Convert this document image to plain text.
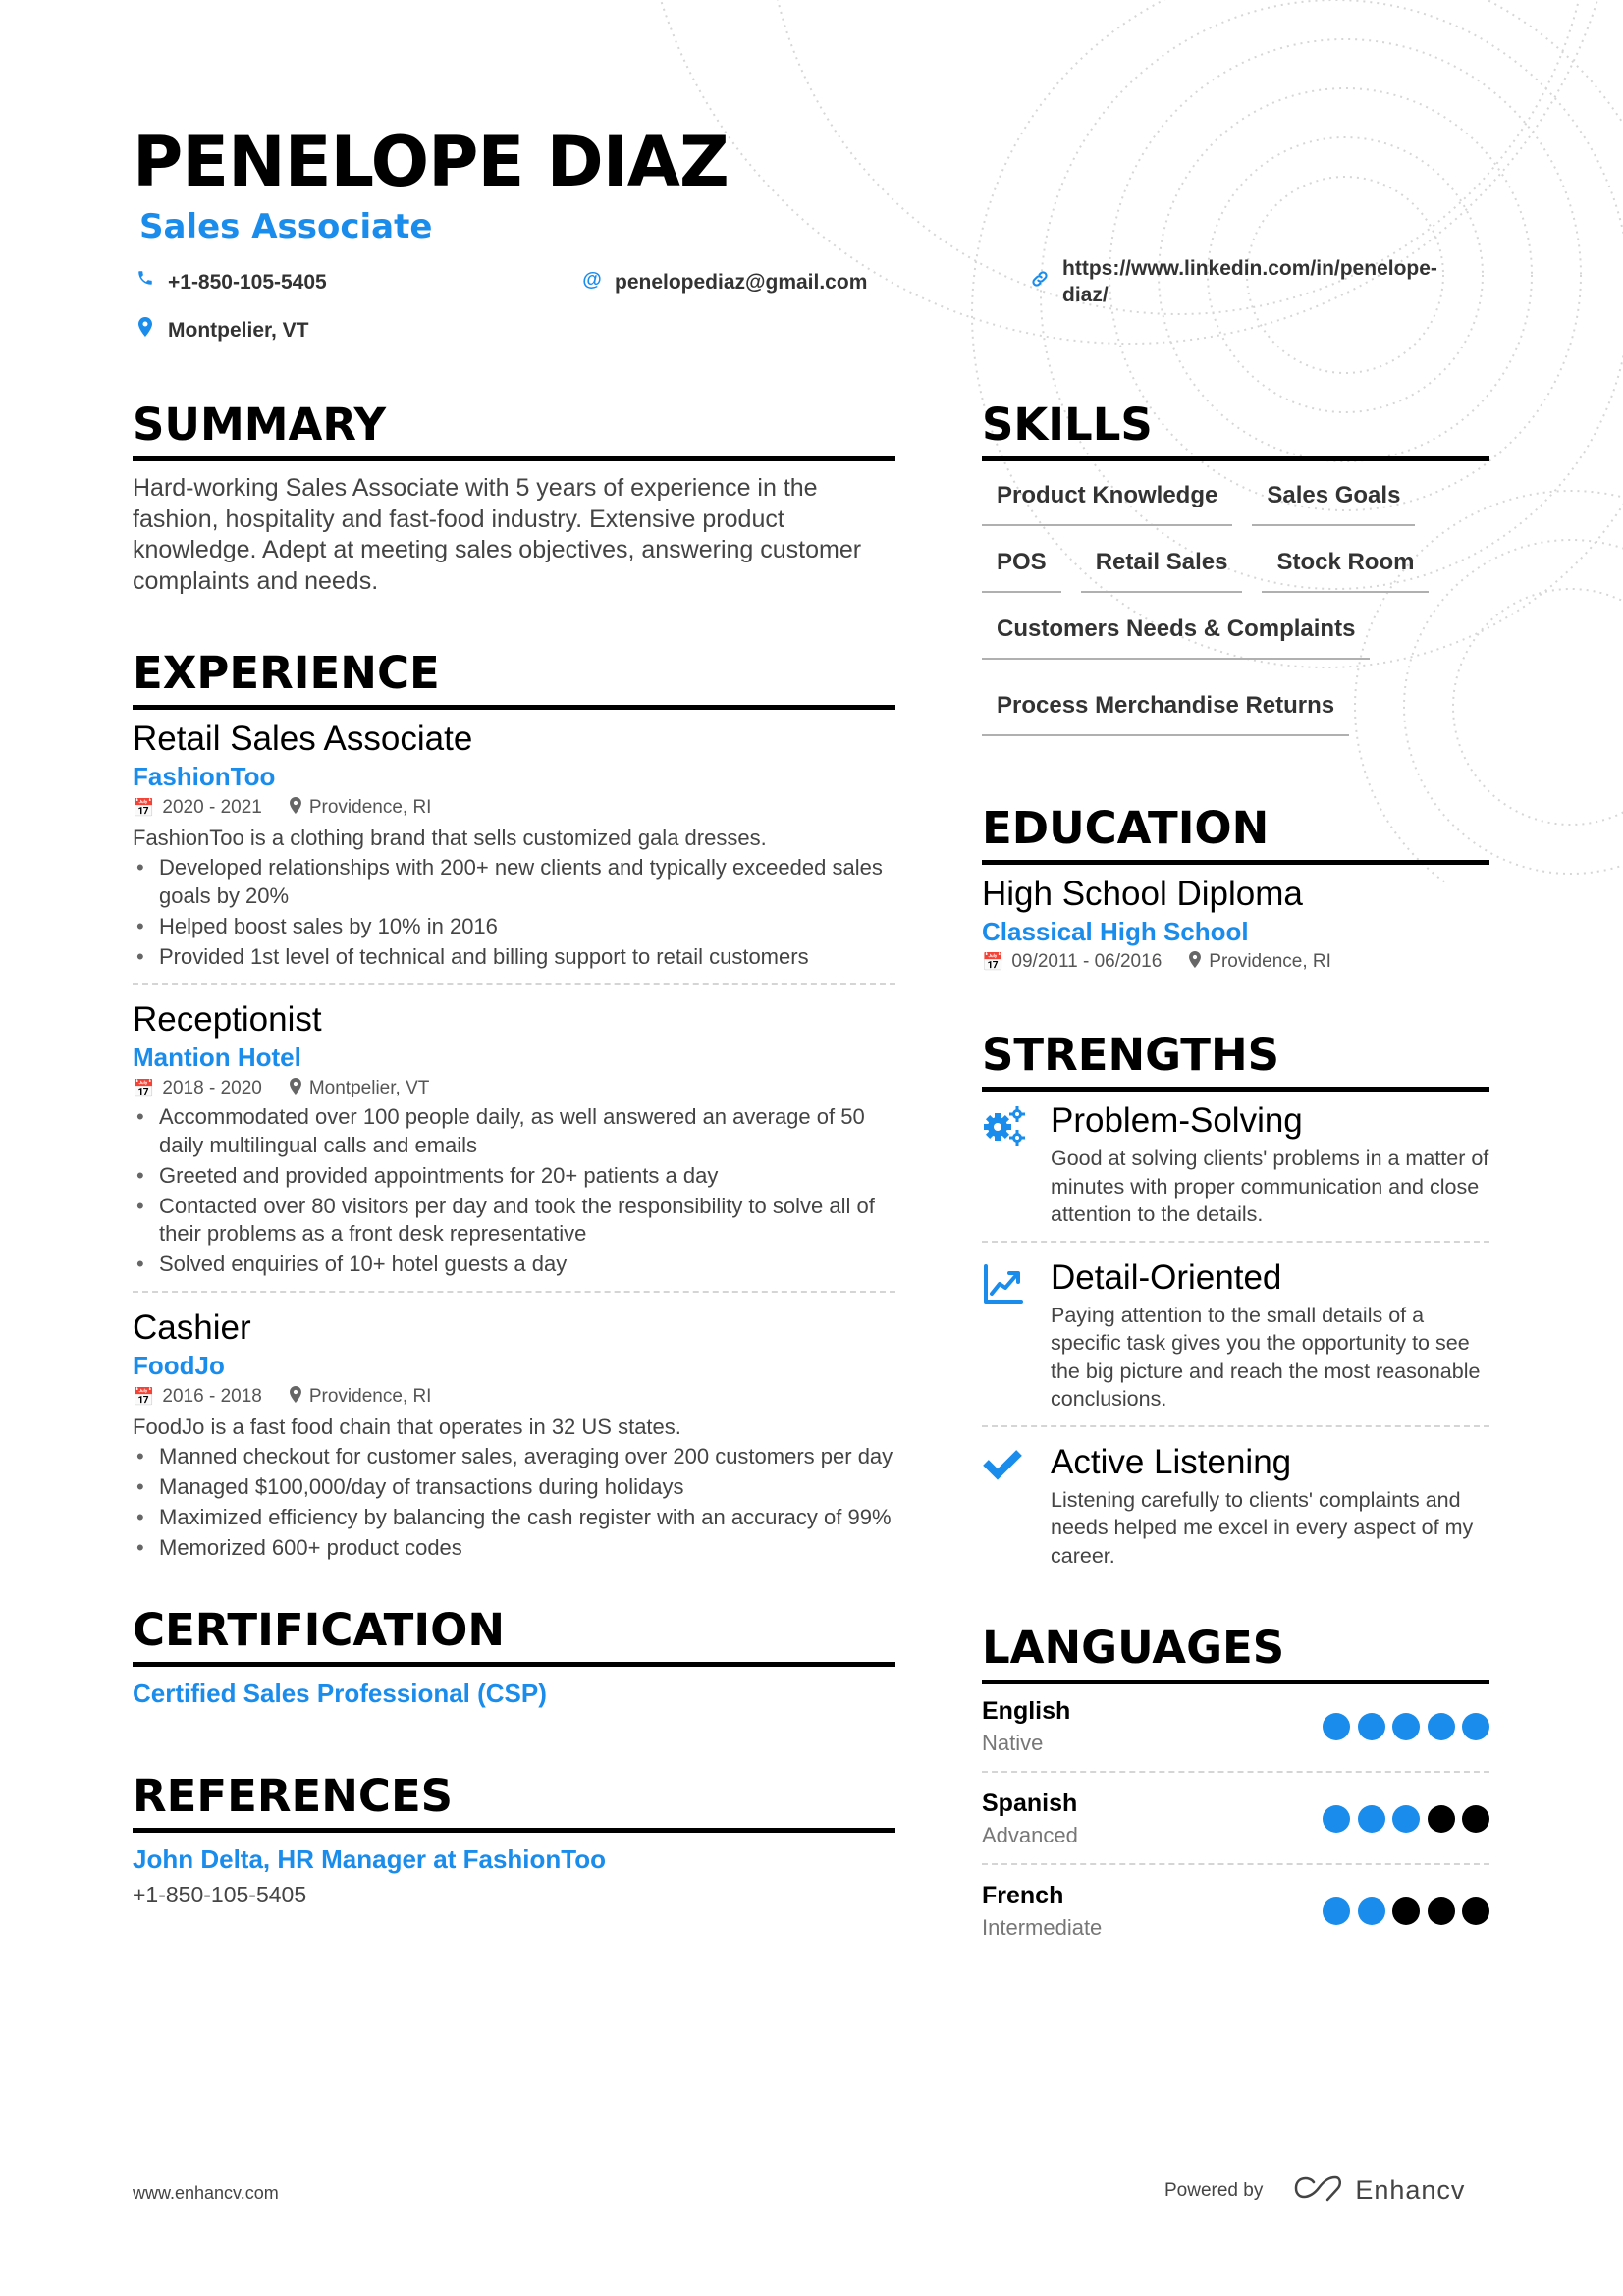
PENELOPE DIAZ
Sales Associate
+1-850-105-5405	@ penelopediaz@gmail.com
https://www.linkedin.com/in/penelope-
diaz/
Montpelier, VT
SUMMARY

Hard-working Sales Associate with 5 years of experience in the fashion, hospitality and fast-food industry. Extensive product knowledge. Adept at meeting sales objectives, answering customer complaints and needs.

EXPERIENCE
Retail Sales Associate
FashionToo
📅 2020 - 2021	Providence, RI
FashionToo is a clothing brand that sells customized gala dresses.
• Developed relationships with 200+ new clients and typically exceeded sales goals by 20%
• Helped boost sales by 10% in 2016
• Provided 1st level of technical and billing support to retail customers
Receptionist
Mantion Hotel
📅 2018 - 2020	Montpelier, VT
• Accommodated over 100 people daily, as well answered an average of 50 daily multilingual calls and emails
• Greeted and provided appointments for 20+ patients a day
• Contacted over 80 visitors per day and took the responsibility to solve all of their problems as a front desk representative
• Solved enquiries of 10+ hotel guests a day
Cashier
FoodJo
📅 2016 - 2018	Providence, RI
FoodJo is a fast food chain that operates in 32 US states.
• Manned checkout for customer sales, averaging over 200 customers per day
• Managed $100,000/day of transactions during holidays
• Maximized efficiency by balancing the cash register with an accuracy of 99%
• Memorized 600+ product codes
CERTIFICATION
Certified Sales Professional (CSP)
REFERENCES
John Delta, HR Manager at FashionToo
+1-850-105-5405
SKILLS
Product Knowledge	Sales Goals
POS	Retail Sales	Stock Room
Customers Needs & Complaints
Process Merchandise Returns
EDUCATION
High School Diploma
Classical High School
📅 09/2011 - 06/2016	Providence, RI
STRENGTHS
Problem-Solving
Good at solving clients' problems in a matter of minutes with proper communication and close attention to the details.
Detail-Oriented
Paying attention to the small details of a specific task gives you the opportunity to see the big picture and reach the most reasonable conclusions.
Active Listening
Listening carefully to clients' complaints and needs helped me excel in every aspect of my career.
LANGUAGES
English
Native
Spanish
Advanced
French
Intermediate
www.enhancv.com	Powered by	Enhancv
